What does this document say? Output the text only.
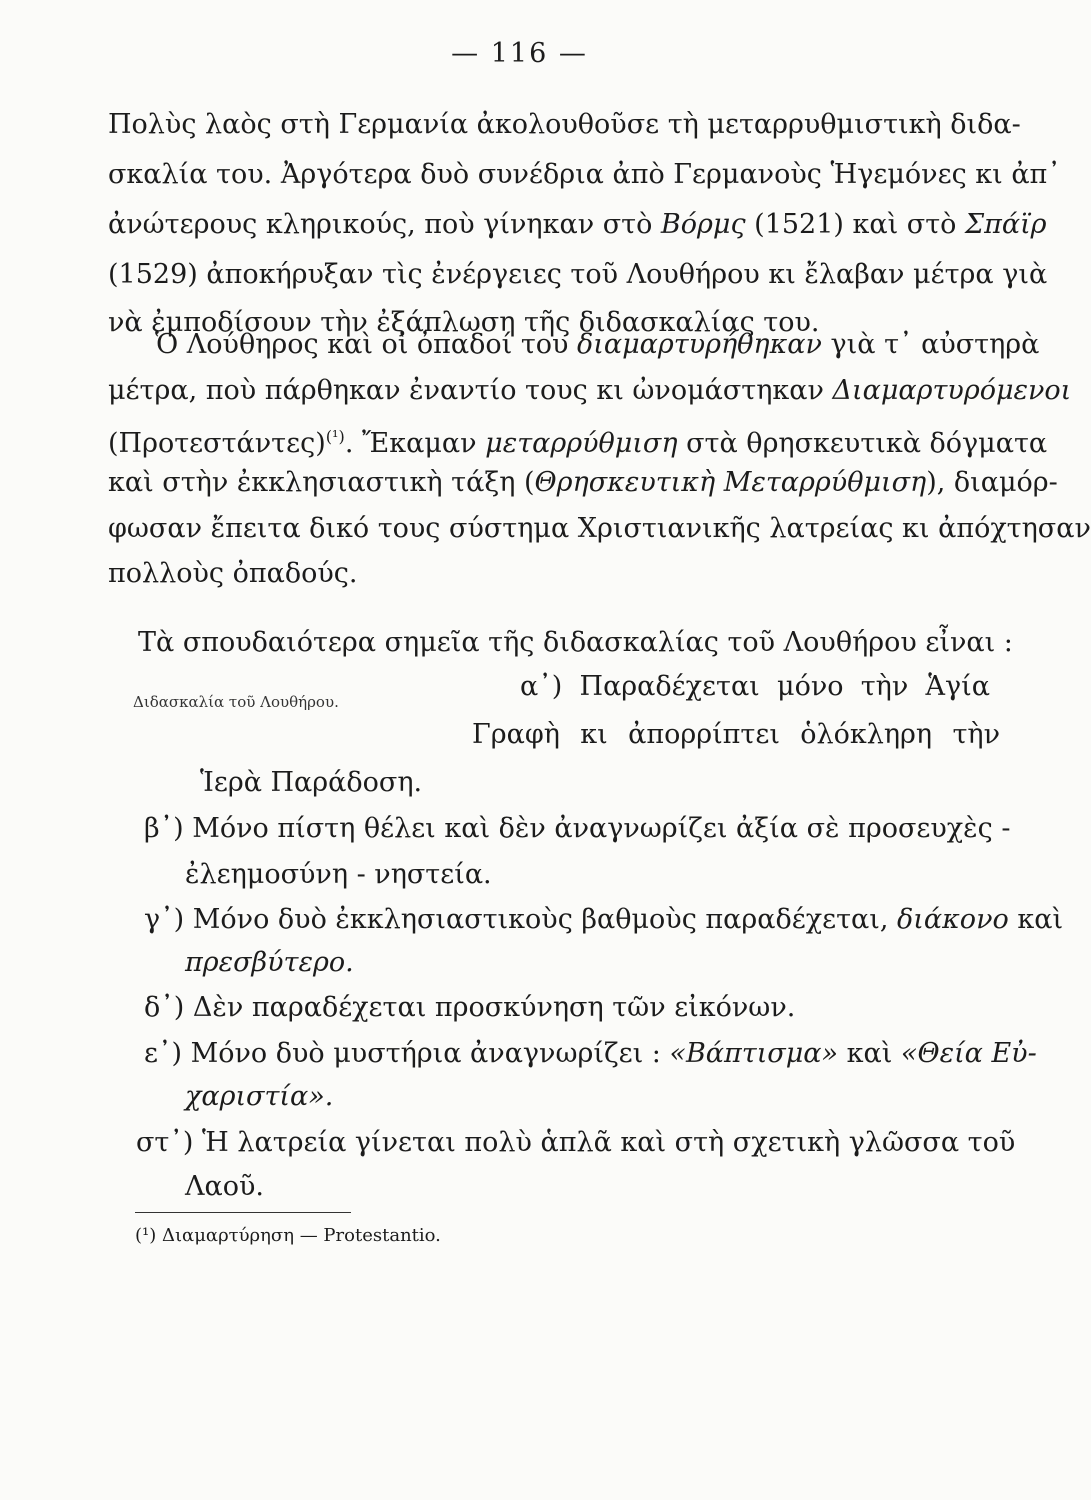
— 116 —
Πολὺς λαὸς στὴ Γερμανία ἀκολουθοῦσε τὴ μεταρρυθμιστικὴ διδα-
σκαλία του. Ἀργότερα δυὸ συνέδρια ἀπὸ Γερμανοὺς Ἡγεμόνες κι ἀπ᾿
ἀνώτερους κληρικούς, ποὺ γίνηκαν στὸ Βόρμς (1521) καὶ στὸ Σπάϊρ
(1529) ἀποκήρυξαν τὶς ἐνέργειες τοῦ Λουθήρου κι ἔλαβαν μέτρα γιὰ
νὰ ἐμποδίσουν τὴν ἐξάπλωση τῆς διδασκαλίας του.
Ὁ Λούθηρος καὶ οἱ ὀπαδοί του διαμαρτυρήθηκαν γιὰ τ᾿ αὐστηρὰ
μέτρα, ποὺ πάρθηκαν ἐναντίο τους κι ὠνομάστηκαν Διαμαρτυρόμενοι
$(\Pi\rho o\tau\varepsilon\sigma\tau ά\nu\tau\varepsilon\varsigma)^{(^1)}$. Ἔκαμαν μεταρρύθμιση στὰ θρησκευτικὰ δόγματα
καὶ στὴν ἐκκλησιαστικὴ τάξη (Θρησκευτικὴ Μεταρρύθμιση), διαμόρ-
φωσαν ἔπειτα δικό τους σύστημα Χριστιανικῆς λατρείας κι ἀπόχτησαν
πολλοὺς ὀπαδούς.
Τὰ σπουδαιότερα σημεῖα τῆς διδασκαλίας τοῦ Λουθήρου εἶναι :
Διδασκαλία τοῦ Λουθήρου.	α᾿) Παραδέχεται μόνο τὴν Ἁγία
Γραφὴ κι ἀπορρίπτει ὁλόκληρη τὴν
Ἱερὰ Παράδοση.
β᾿) Μόνο πίστη θέλει καὶ δὲν ἀναγνωρίζει ἀξία σὲ προσευχὲς -
ἐλεημοσύνη - νηστεία.
γ᾿) Μόνο δυὸ ἐκκλησιαστικοὺς βαθμοὺς παραδέχεται, διάκονο καὶ
πρεσβύτερο.
δ᾿) Δὲν παραδέχεται προσκύνηση τῶν εἰκόνων.
ε᾿) Μόνο δυὸ μυστήρια ἀναγνωρίζει : «Βάπτισμα» καὶ «Θεία Εὐ-
χαριστία».
στ᾿) Ἡ λατρεία γίνεται πολὺ ἁπλᾶ καὶ στὴ σχετικὴ γλῶσσα τοῦ
Λαοῦ.
(¹) Διαμαρτύρηση — Protestantio.
